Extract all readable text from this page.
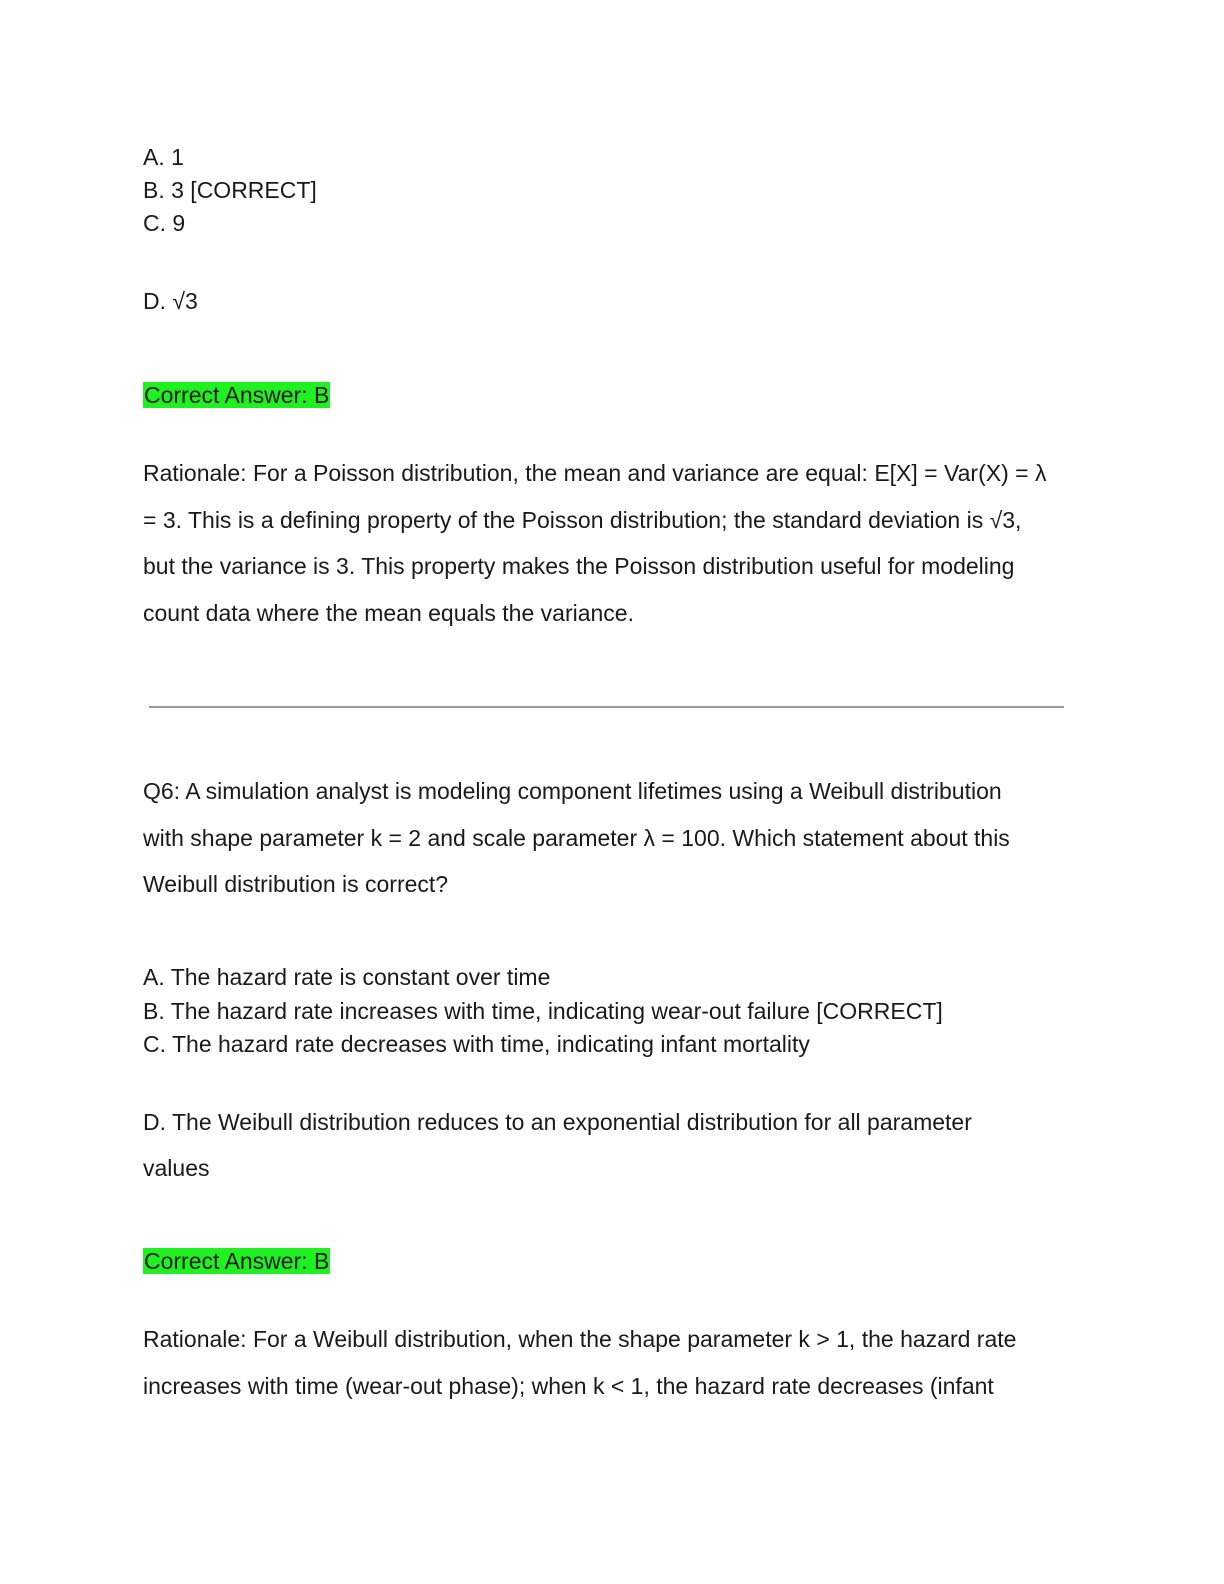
A. 1
B. 3 [CORRECT]
C. 9
D. √3
Correct Answer: B
Rationale: For a Poisson distribution, the mean and variance are equal: E[X] = Var(X) = λ
= 3. This is a defining property of the Poisson distribution; the standard deviation is √3,
but the variance is 3. This property makes the Poisson distribution useful for modeling
count data where the mean equals the variance.
Q6: A simulation analyst is modeling component lifetimes using a Weibull distribution
with shape parameter k = 2 and scale parameter λ = 100. Which statement about this
Weibull distribution is correct?
A. The hazard rate is constant over time
B. The hazard rate increases with time, indicating wear-out failure [CORRECT]
C. The hazard rate decreases with time, indicating infant mortality
D. The Weibull distribution reduces to an exponential distribution for all parameter
values
Correct Answer: B
Rationale: For a Weibull distribution, when the shape parameter k > 1, the hazard rate
increases with time (wear-out phase); when k < 1, the hazard rate decreases (infant
